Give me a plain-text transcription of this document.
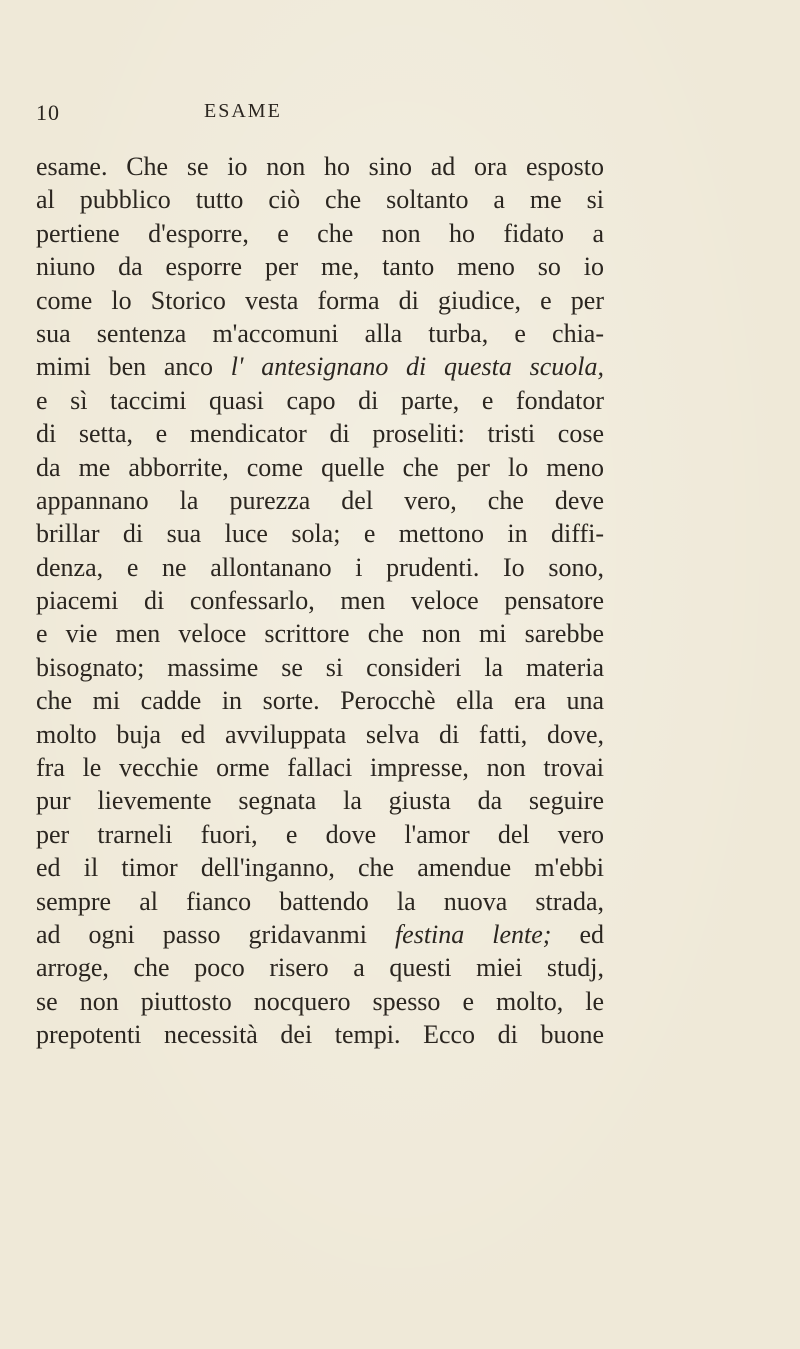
10	ESAME
esame. Che se io non ho sino ad ora esposto
al pubblico tutto ciò che soltanto a me si
pertiene d'esporre, e che non ho fidato a
niuno da esporre per me, tanto meno so io
come lo Storico vesta forma di giudice, e per
sua sentenza m'accomuni alla turba, e chia-
mimi ben anco l' antesignano di questa scuola,
e sì taccimi quasi capo di parte, e fondator
di setta, e mendicator di proseliti: tristi cose
da me abborrite, come quelle che per lo meno
appannano la purezza del vero, che deve
brillar di sua luce sola; e mettono in diffi-
denza, e ne allontanano i prudenti. Io sono,
piacemi di confessarlo, men veloce pensatore
e vie men veloce scrittore che non mi sarebbe
bisognato; massime se si consideri la materia
che mi cadde in sorte. Perocchè ella era una
molto buja ed avviluppata selva di fatti, dove,
fra le vecchie orme fallaci impresse, non trovai
pur lievemente segnata la giusta da seguire
per trarneli fuori, e dove l'amor del vero
ed il timor dell'inganno, che amendue m'ebbi
sempre al fianco battendo la nuova strada,
ad ogni passo gridavanmi festina lente; ed
arroge, che poco risero a questi miei studj,
se non piuttosto nocquero spesso e molto, le
prepotenti necessità dei tempi. Ecco di buone
